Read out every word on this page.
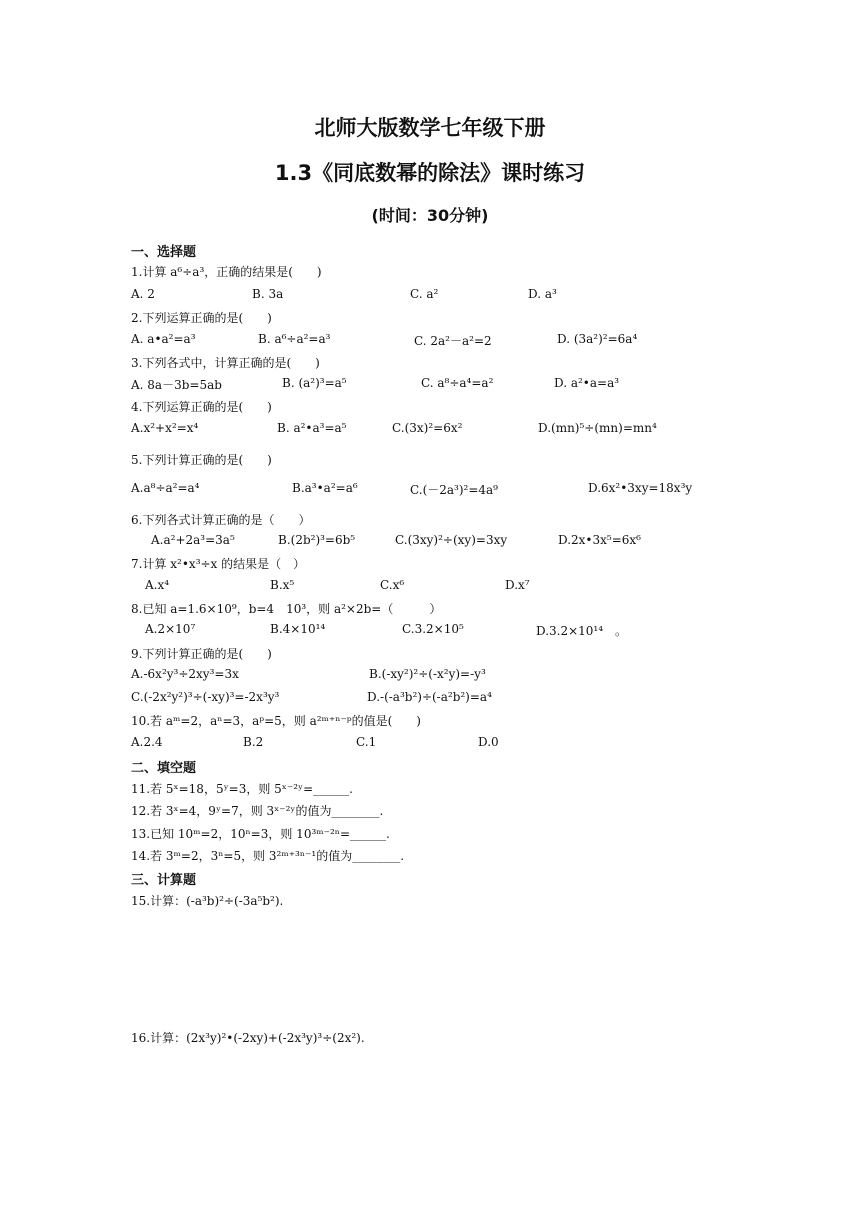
北师大版数学七年级下册
1.3《同底数幂的除法》课时练习
(时间：30分钟)
一、选择题
1.计算 a⁶÷a³，正确的结果是(　　)
A. 2	B. 3a	C. a²	D. a³
2.下列运算正确的是(　　)
A. a•a²=a³	B. a⁶÷a²=a³	C. 2a²－a²=2	D. (3a²)²=6a⁴
3.下列各式中，计算正确的是(　　)
A. 8a－3b=5ab	B. (a²)³=a⁵	C. a⁸÷a⁴=a²	D. a²•a=a³
4.下列运算正确的是(　　)
A.x²+x²=x⁴	B. a²•a³=a⁵	C.(3x)²=6x²	D.(mn)⁵÷(mn)=mn⁴
5.下列计算正确的是(　　)
A.a⁸÷a²=a⁴	B.a³•a²=a⁶	C.(－2a³)²=4a⁹	D.6x²•3xy=18x³y
6.下列各式计算正确的是（　　）
A.a²+2a³=3a⁵	B.(2b²)³=6b⁵	C.(3xy)²÷(xy)=3xy	D.2x•3x⁵=6x⁶
7.计算 x²•x³÷x 的结果是（　）
A.x⁴	B.x⁵	C.x⁶	D.x⁷
8.已知 a=1.6×10⁹，b=4　10³，则 a²×2b=（　　　）
A.2×10⁷	B.4×10¹⁴	C.3.2×10⁵	D.3.2×10¹⁴　。
9.下列计算正确的是(　　)
A.-6x²y³÷2xy³=3x	B.(-xy²)²÷(-x²y)=-y³
C.(-2x²y²)³÷(-xy)³=-2x³y³	D.-(-a³b²)÷(-a²b²)=a⁴
10.若 aᵐ=2，aⁿ=3，aᵖ=5，则 a²ᵐ⁺ⁿ⁻ᵖ的值是(　　)
A.2.4	B.2	C.1	D.0
二、填空题
11.若 5ˣ=18，5ʸ=3，则 5ˣ⁻²ʸ=______.
12.若 3ˣ=4，9ʸ=7，则 3ˣ⁻²ʸ的值为________.
13.已知 10ᵐ=2，10ⁿ=3，则 10³ᵐ⁻²ⁿ=______.
14.若 3ᵐ=2，3ⁿ=5，则 3²ᵐ⁺³ⁿ⁻¹的值为________.
三、计算题
15.计算：(-a³b)²÷(-3a⁵b²).
16.计算：(2x³y)²•(-2xy)+(-2x³y)³÷(2x²).
